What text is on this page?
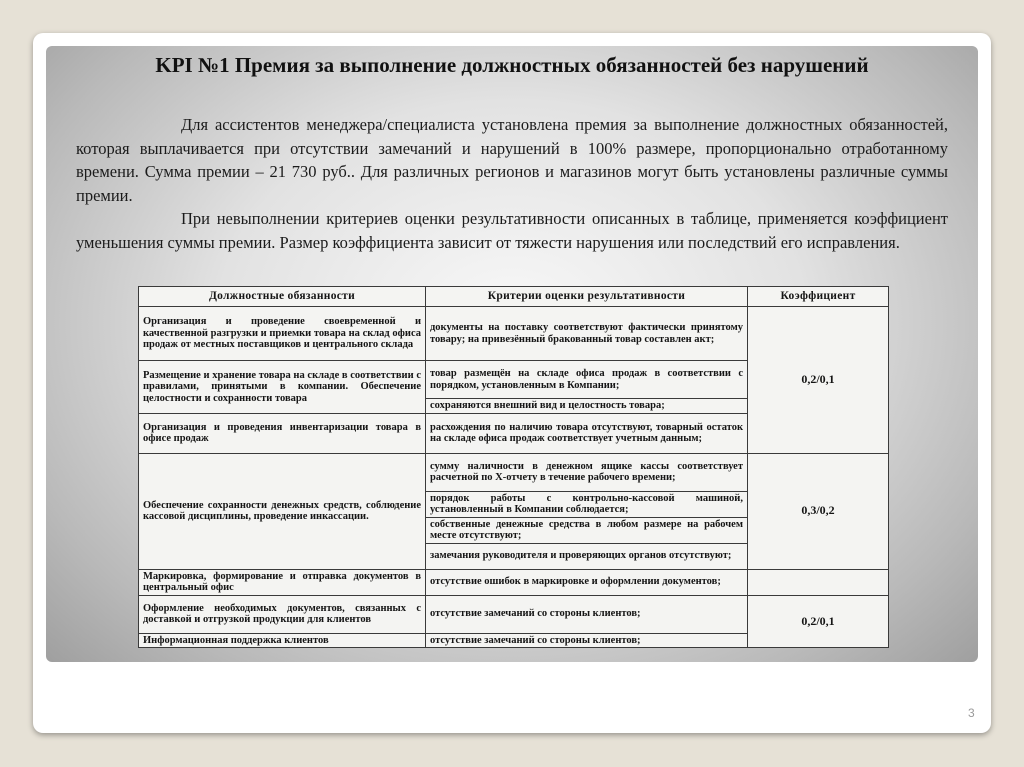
KPI №1 Премия за выполнение должностных обязанностей без нарушений

Для ассистентов менеджера/специалиста установлена премия за выполнение должностных обязанностей, которая выплачивается при отсутствии замечаний и нарушений в 100% размере, пропорционально отработанному времени. Сумма премии – 21 730 руб.. Для различных регионов и магазинов могут быть установлены различные суммы премии.

При невыполнении критериев оценки результативности описанных в таблице, применяется коэффициент уменьшения суммы премии. Размер коэффициента зависит от тяжести нарушения или последствий его исправления.

Должностные обязанности	Критерии оценки результативности	Коэффициент
Организация и проведение своевременной и качественной разгрузки и приемки товара на склад офиса продаж от местных поставщиков и центрального склада	документы на поставку соответствуют фактически принятому товару; на привезённый бракованный товар составлен акт;	0,2/0,1
Размещение и хранение товара на складе в соответствии с правилами, принятыми в компании. Обеспечение целостности и сохранности товара	товар размещён на складе офиса продаж в соответствии с порядком, установленным в Компании;	
	сохраняются внешний вид и целостность товара;	
Организация и проведения инвентаризации товара в офисе продаж	расхождения по наличию товара отсутствуют, товарный остаток на складе офиса продаж соответствует учетным данным;	
Обеспечение сохранности денежных средств, соблюдение кассовой дисциплины, проведение инкассации.	сумму наличности в денежном ящике кассы соответствует расчетной по Х-отчету в течение рабочего времени;	0,3/0,2
	порядок работы с контрольно-кассовой машиной, установленный в Компании соблюдается;	
	собственные денежные средства в любом размере на рабочем месте отсутствуют;	
	замечания руководителя и проверяющих органов отсутствуют;	
Маркировка, формирование и отправка документов в центральный офис	отсутствие ошибок в маркировке и оформлении документов;	
Оформление необходимых документов, связанных с доставкой и отгрузкой продукции для клиентов	отсутствие замечаний со стороны клиентов;	0,2/0,1
Информационная поддержка клиентов	отсутствие замечаний со стороны клиентов;	
3
